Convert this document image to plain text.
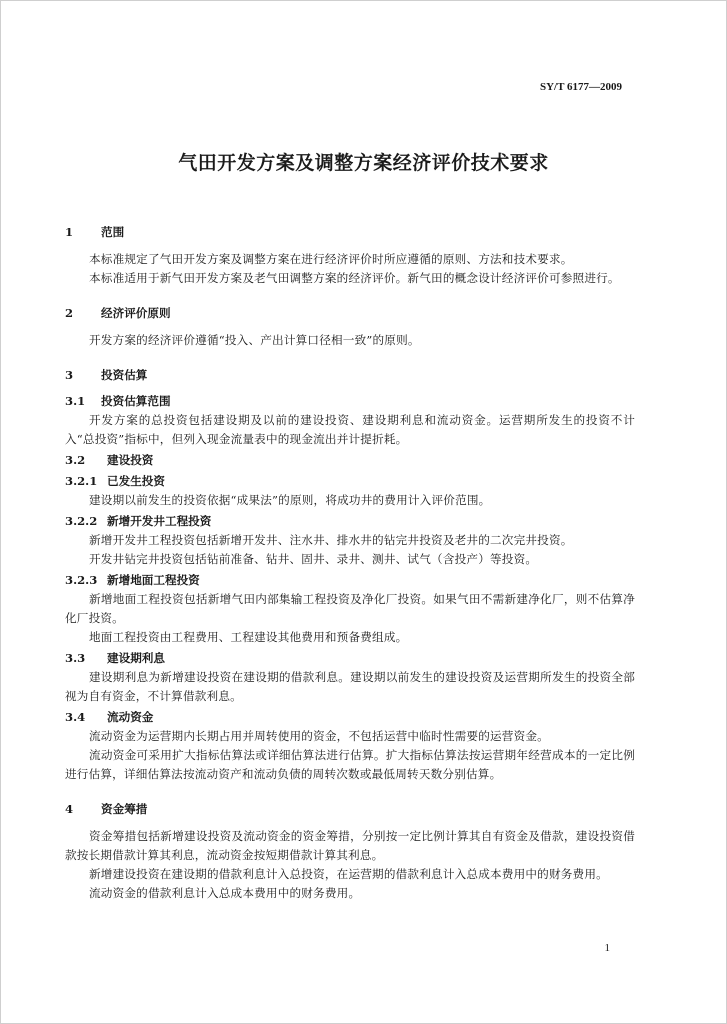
SY/T 6177—2009
气田开发方案及调整方案经济评价技术要求
1 范围
本标准规定了气田开发方案及调整方案在进行经济评价时所应遵循的原则、方法和技术要求。
本标准适用于新气田开发方案及老气田调整方案的经济评价。新气田的概念设计经济评价可参照进行。
2 经济评价原则
开发方案的经济评价遵循“投入、产出计算口径相一致”的原则。
3 投资估算
3.1 投资估算范围
开发方案的总投资包括建设期及以前的建设投资、建设期利息和流动资金。运营期所发生的投资不计入“总投资”指标中，但列入现金流量表中的现金流出并计提折耗。
3.2 建设投资
3.2.1 已发生投资
建设期以前发生的投资依据“成果法”的原则，将成功井的费用计入评价范围。
3.2.2 新增开发井工程投资
新增开发井工程投资包括新增开发井、注水井、排水井的钻完井投资及老井的二次完井投资。
开发井钻完井投资包括钻前准备、钻井、固井、录井、测井、试气（含投产）等投资。
3.2.3 新增地面工程投资
新增地面工程投资包括新增气田内部集输工程投资及净化厂投资。如果气田不需新建净化厂，则不估算净化厂投资。
地面工程投资由工程费用、工程建设其他费用和预备费组成。
3.3 建设期利息
建设期利息为新增建设投资在建设期的借款利息。建设期以前发生的建设投资及运营期所发生的投资全部视为自有资金，不计算借款利息。
3.4 流动资金
流动资金为运营期内长期占用并周转使用的资金，不包括运营中临时性需要的运营资金。
流动资金可采用扩大指标估算法或详细估算法进行估算。扩大指标估算法按运营期年经营成本的一定比例进行估算，详细估算法按流动资产和流动负债的周转次数或最低周转天数分别估算。
4 资金筹措
资金筹措包括新增建设投资及流动资金的资金筹措，分别按一定比例计算其自有资金及借款，建设投资借款按长期借款计算其利息，流动资金按短期借款计算其利息。
新增建设投资在建设期的借款利息计入总投资，在运营期的借款利息计入总成本费用中的财务费用。
流动资金的借款利息计入总成本费用中的财务费用。
1
